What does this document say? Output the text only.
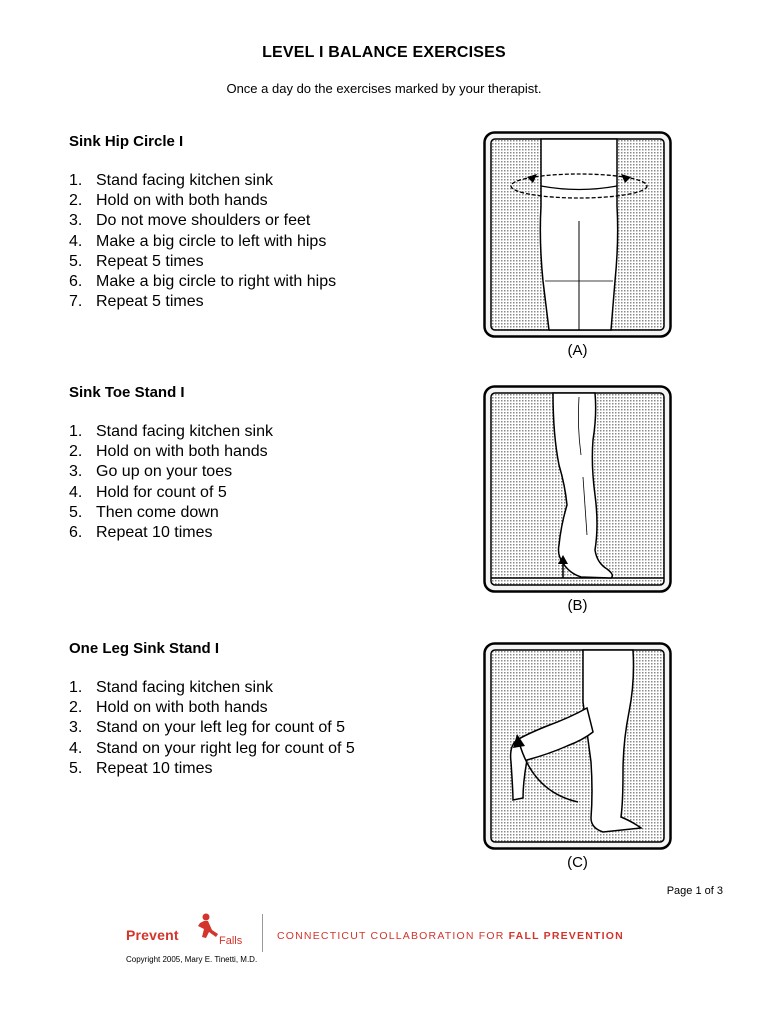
LEVEL I BALANCE EXERCISES
Once a day do the exercises marked by your therapist.
Sink Hip Circle I
1. Stand facing kitchen sink
2. Hold on with both hands
3. Do not move shoulders or feet
4. Make a big circle to left with hips
5. Repeat 5 times
6. Make a big circle to right with hips
7. Repeat 5 times
(A)
Sink Toe Stand I
1. Stand facing kitchen sink
2. Hold on with both hands
3. Go up on your toes
4. Hold for count of 5
5. Then come down
6. Repeat 10 times
(B)
One Leg Sink Stand I
1. Stand facing kitchen sink
2. Hold on with both hands
3. Stand on your left leg for count of 5
4. Stand on your right leg for count of 5
5. Repeat 10 times
(C)
Page 1 of 3
Prevent	Falls	CONNECTICUT COLLABORATION FOR FALL PREVENTION
Copyright 2005, Mary E. Tinetti, M.D.
